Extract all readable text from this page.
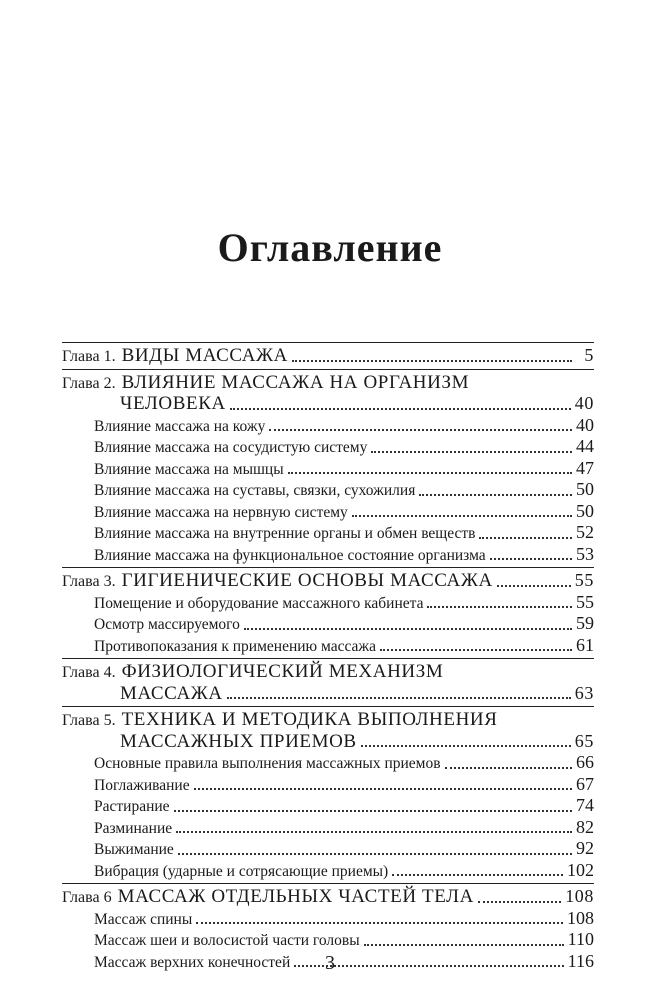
Оглавление
Глава 1. ВИДЫ МАССАЖА	5
Глава 2. ВЛИЯНИЕ МАССАЖА НА ОРГАНИЗМ
ЧЕЛОВЕКА	40
Влияние массажа на кожу	40
Влияние массажа на сосудистую систему	44
Влияние массажа на мышцы	47
Влияние массажа на суставы, связки, сухожилия	50
Влияние массажа на нервную систему	50
Влияние массажа на внутренние органы и обмен веществ	52
Влияние массажа на функциональное состояние организма	53
Глава 3. ГИГИЕНИЧЕСКИЕ ОСНОВЫ МАССАЖА	55
Помещение и оборудование массажного кабинета	55
Осмотр массируемого	59
Противопоказания к применению массажа	61
Глава 4. ФИЗИОЛОГИЧЕСКИЙ МЕХАНИЗМ
МАССАЖА	63
Глава 5. ТЕХНИКА И МЕТОДИКА ВЫПОЛНЕНИЯ
МАССАЖНЫХ ПРИЕМОВ	65
Основные правила выполнения массажных приемов	66
Поглаживание	67
Растирание	74
Разминание	82
Выжимание	92
Вибрация (ударные и сотрясающие приемы)	102
Глава 6 МАССАЖ ОТДЕЛЬНЫХ ЧАСТЕЙ ТЕЛА	108
Массаж спины	108
Массаж шеи и волосистой части головы	110
Массаж верхних конечностей	116
3
